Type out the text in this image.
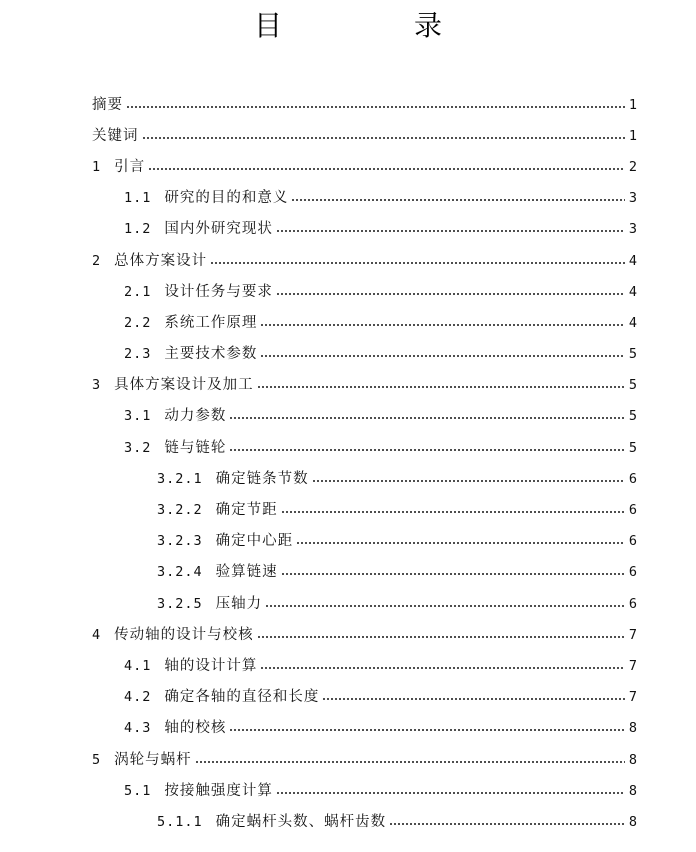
目　录
摘要	1
关键词	1
1 引言	2
1.1 研究的目的和意义	3
1.2 国内外研究现状	3
2 总体方案设计	4
2.1 设计任务与要求	4
2.2 系统工作原理	4
2.3 主要技术参数	5
3 具体方案设计及加工	5
3.1 动力参数	5
3.2 链与链轮	5
3.2.1 确定链条节数	6
3.2.2 确定节距	6
3.2.3 确定中心距	6
3.2.4 验算链速	6
3.2.5 压轴力	6
4 传动轴的设计与校核	7
4.1 轴的设计计算	7
4.2 确定各轴的直径和长度	7
4.3 轴的校核	8
5 涡轮与蜗杆	8
5.1 按接触强度计算	8
5.1.1 确定蜗杆头数、蜗杆齿数	8
